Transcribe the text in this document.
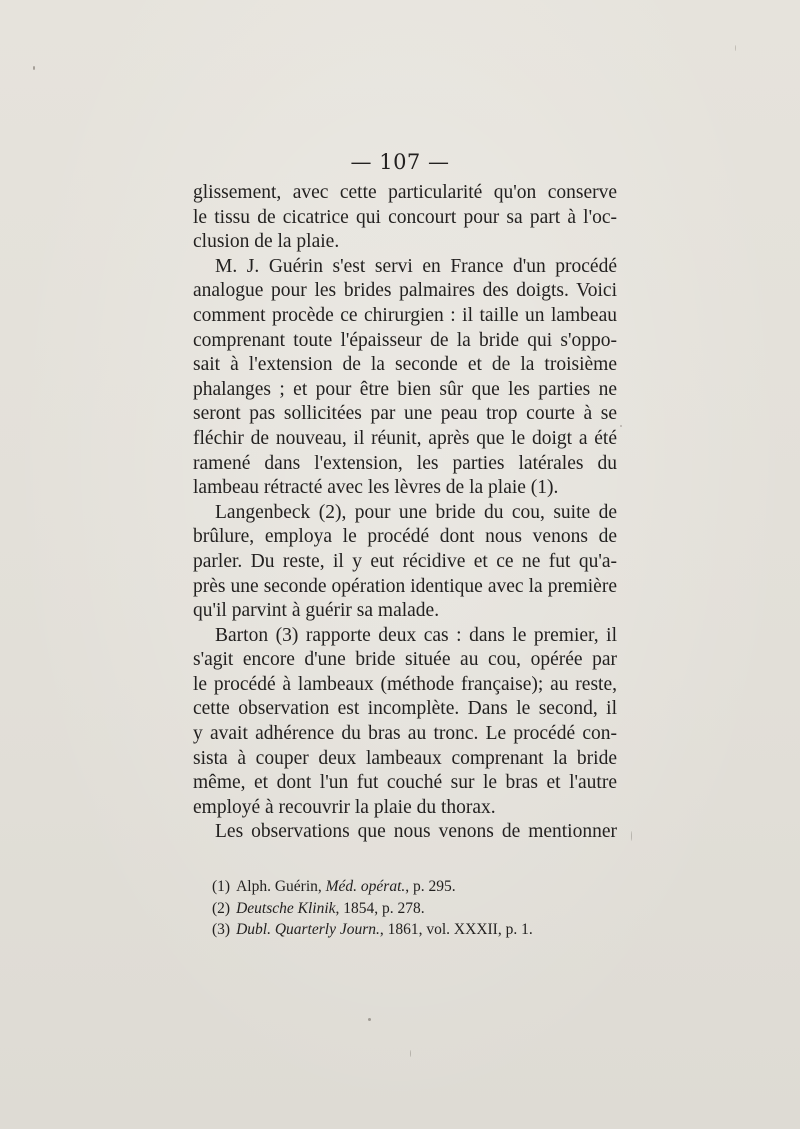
— 107 —
glissement, avec cette particularité qu'on conserve
le tissu de cicatrice qui concourt pour sa part à l'oc-
clusion de la plaie.
M. J. Guérin s'est servi en France d'un procédé
analogue pour les brides palmaires des doigts. Voici
comment procède ce chirurgien : il taille un lambeau
comprenant toute l'épaisseur de la bride qui s'oppo-
sait à l'extension de la seconde et de la troisième
phalanges ; et pour être bien sûr que les parties ne
seront pas sollicitées par une peau trop courte à se
fléchir de nouveau, il réunit, après que le doigt a été
ramené dans l'extension, les parties latérales du
lambeau rétracté avec les lèvres de la plaie (1).
Langenbeck (2), pour une bride du cou, suite de
brûlure, employa le procédé dont nous venons de
parler. Du reste, il y eut récidive et ce ne fut qu'a-
près une seconde opération identique avec la première
qu'il parvint à guérir sa malade.
Barton (3) rapporte deux cas : dans le premier, il
s'agit encore d'une bride située au cou, opérée par
le procédé à lambeaux (méthode française); au reste,
cette observation est incomplète. Dans le second, il
y avait adhérence du bras au tronc. Le procédé con-
sista à couper deux lambeaux comprenant la bride
même, et dont l'un fut couché sur le bras et l'autre
employé à recouvrir la plaie du thorax.
Les observations que nous venons de mentionner
(1) Alph. Guérin, Méd. opérat., p. 295.
(2) Deutsche Klinik, 1854, p. 278.
(3) Dubl. Quarterly Journ., 1861, vol. XXXII, p. 1.
